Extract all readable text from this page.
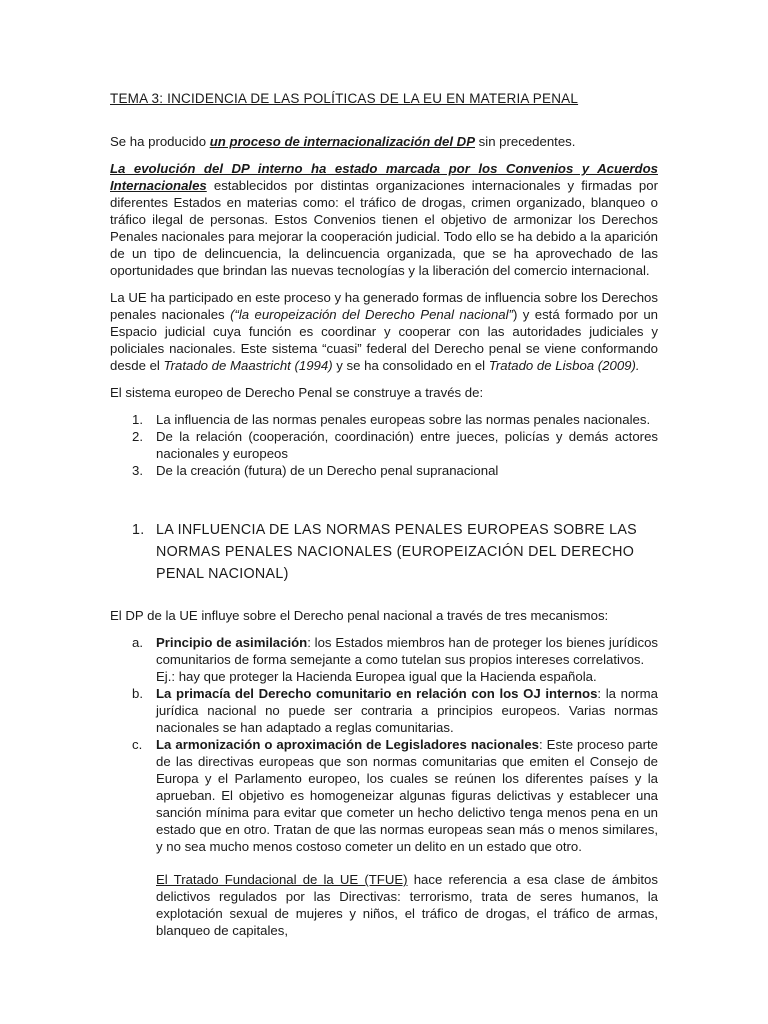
TEMA 3: INCIDENCIA DE LAS POLÍTICAS DE LA EU EN MATERIA PENAL

Se ha producido un proceso de internacionalización del DP sin precedentes.

La evolución del DP interno ha estado marcada por los Convenios y Acuerdos Internacionales establecidos por distintas organizaciones internacionales y firmadas por diferentes Estados en materias como: el tráfico de drogas, crimen organizado, blanqueo o tráfico ilegal de personas. Estos Convenios tienen el objetivo de armonizar los Derechos Penales nacionales para mejorar la cooperación judicial. Todo ello se ha debido a la aparición de un tipo de delincuencia, la delincuencia organizada, que se ha aprovechado de las oportunidades que brindan las nuevas tecnologías y la liberación del comercio internacional.

La UE ha participado en este proceso y ha generado formas de influencia sobre los Derechos penales nacionales (“la europeización del Derecho Penal nacional”) y está formado por un Espacio judicial cuya función es coordinar y cooperar con las autoridades judiciales y policiales nacionales. Este sistema “cuasi” federal del Derecho penal se viene conformando desde el Tratado de Maastricht (1994) y se ha consolidado en el Tratado de Lisboa (2009).

El sistema europeo de Derecho Penal se construye a través de:

1. La influencia de las normas penales europeas sobre las normas penales nacionales.
2. De la relación (cooperación, coordinación) entre jueces, policías y demás actores nacionales y europeos
3. De la creación (futura) de un Derecho penal supranacional
1. LA INFLUENCIA DE LAS NORMAS PENALES EUROPEAS SOBRE LAS NORMAS PENALES NACIONALES (EUROPEIZACIÓN DEL DERECHO PENAL NACIONAL)

El DP de la UE influye sobre el Derecho penal nacional a través de tres mecanismos:

a. Principio de asimilación: los Estados miembros han de proteger los bienes jurídicos comunitarios de forma semejante a como tutelan sus propios intereses correlativos.
Ej.: hay que proteger la Hacienda Europea igual que la Hacienda española.
b. La primacía del Derecho comunitario en relación con los OJ internos: la norma jurídica nacional no puede ser contraria a principios europeos. Varias normas nacionales se han adaptado a reglas comunitarias.
c. La armonización o aproximación de Legisladores nacionales: Este proceso parte de las directivas europeas que son normas comunitarias que emiten el Consejo de Europa y el Parlamento europeo, los cuales se reúnen los diferentes países y la aprueban. El objetivo es homogeneizar algunas figuras delictivas y establecer una sanción mínima para evitar que cometer un hecho delictivo tenga menos pena en un estado que en otro. Tratan de que las normas europeas sean más o menos similares, y no sea mucho menos costoso cometer un delito en un estado que otro.

El Tratado Fundacional de la UE (TFUE) hace referencia a esa clase de ámbitos delictivos regulados por las Directivas: terrorismo, trata de seres humanos, la explotación sexual de mujeres y niños, el tráfico de drogas, el tráfico de armas, blanqueo de capitales,
